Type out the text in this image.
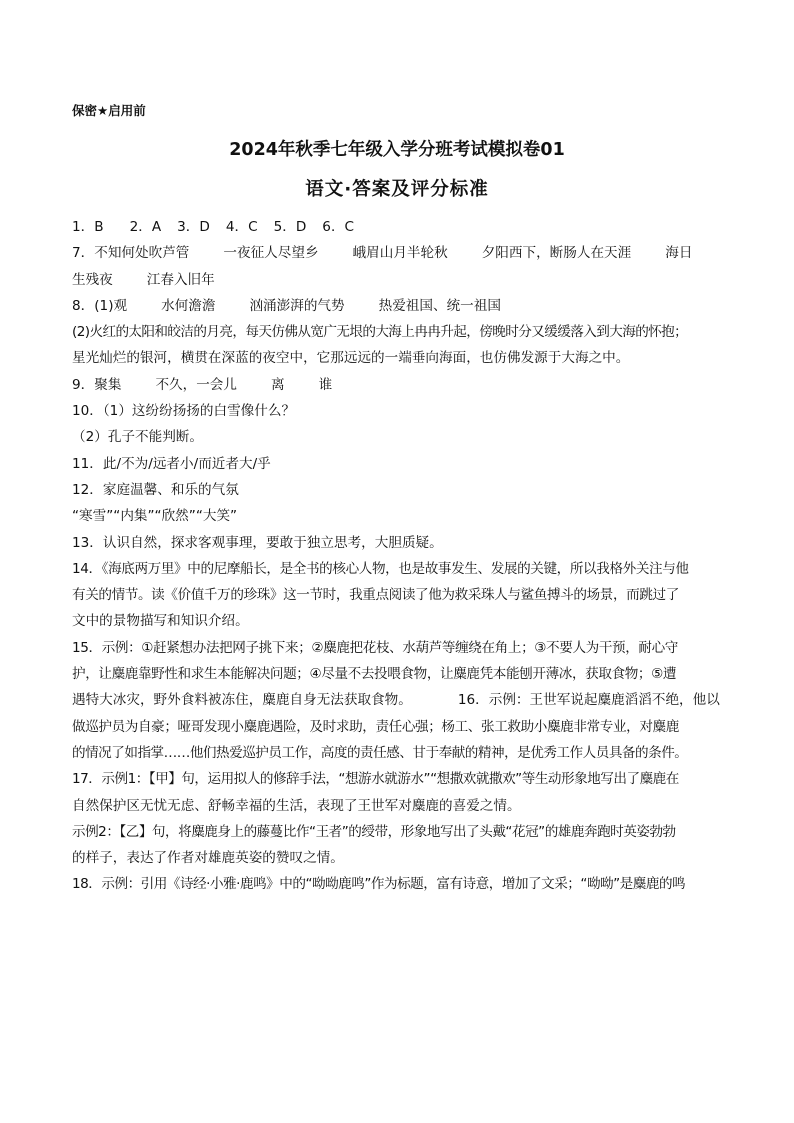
保密★启用前
2024年秋季七年级入学分班考试模拟卷01
语文·答案及评分标准
1．B 2．A 3．D 4．C 5．D 6．C
7．不知何处吹芦管	一夜征人尽望乡	峨眉山月半轮秋	夕阳西下，断肠人在天涯	海日
生残夜	江春入旧年
8．(1)观	水何澹澹	汹涌澎湃的气势	热爱祖国、统一祖国
(2)火红的太阳和皎洁的月亮，每天仿佛从宽广无垠的大海上冉冉升起，傍晚时分又缓缓落入到大海的怀抱；
星光灿烂的银河，横贯在深蓝的夜空中，它那远远的一端垂向海面，也仿佛发源于大海之中。
9．聚集	不久，一会儿	离	谁
10．（1）这纷纷扬扬的白雪像什么？
（2）孔子不能判断。
11．此/不为/远者小/而近者大/乎
12．家庭温馨、和乐的气氛
“寒雪”“内集”“欣然”“大笑”
13．认识自然，探求客观事理，要敢于独立思考，大胆质疑。
14．《海底两万里》中的尼摩船长，是全书的核心人物，也是故事发生、发展的关键，所以我格外关注与他
有关的情节。读《价值千万的珍珠》这一节时，我重点阅读了他为救采珠人与鲨鱼搏斗的场景，而跳过了
文中的景物描写和知识介绍。
15．示例：①赶紧想办法把网子挑下来；②麋鹿把花枝、水葫芦等缠绕在角上；③不要人为干预，耐心守
护，让麋鹿靠野性和求生本能解决问题；④尽量不去投喂食物，让麋鹿凭本能刨开薄冰，获取食物；⑤遭
遇特大冰灾，野外食料被冻住，麋鹿自身无法获取食物。	16．示例：王世军说起麋鹿滔滔不绝，他以
做巡护员为自豪；哑哥发现小麋鹿遇险，及时求助，责任心强；杨工、张工救助小麋鹿非常专业，对麋鹿
的情况了如指掌……他们热爱巡护员工作，高度的责任感、甘于奉献的精神，是优秀工作人员具备的条件。
17．示例1：【甲】句，运用拟人的修辞手法，“想游水就游水”“想撒欢就撒欢”等生动形象地写出了麋鹿在
自然保护区无忧无虑、舒畅幸福的生活，表现了王世军对麋鹿的喜爱之情。
示例2：【乙】句，将麋鹿身上的藤蔓比作“王者”的绶带，形象地写出了头戴“花冠”的雄鹿奔跑时英姿勃勃
的样子，表达了作者对雄鹿英姿的赞叹之情。
18．示例：引用《诗经·小雅·鹿鸣》中的“呦呦鹿鸣”作为标题，富有诗意，增加了文采；“呦呦”是麋鹿的鸣
